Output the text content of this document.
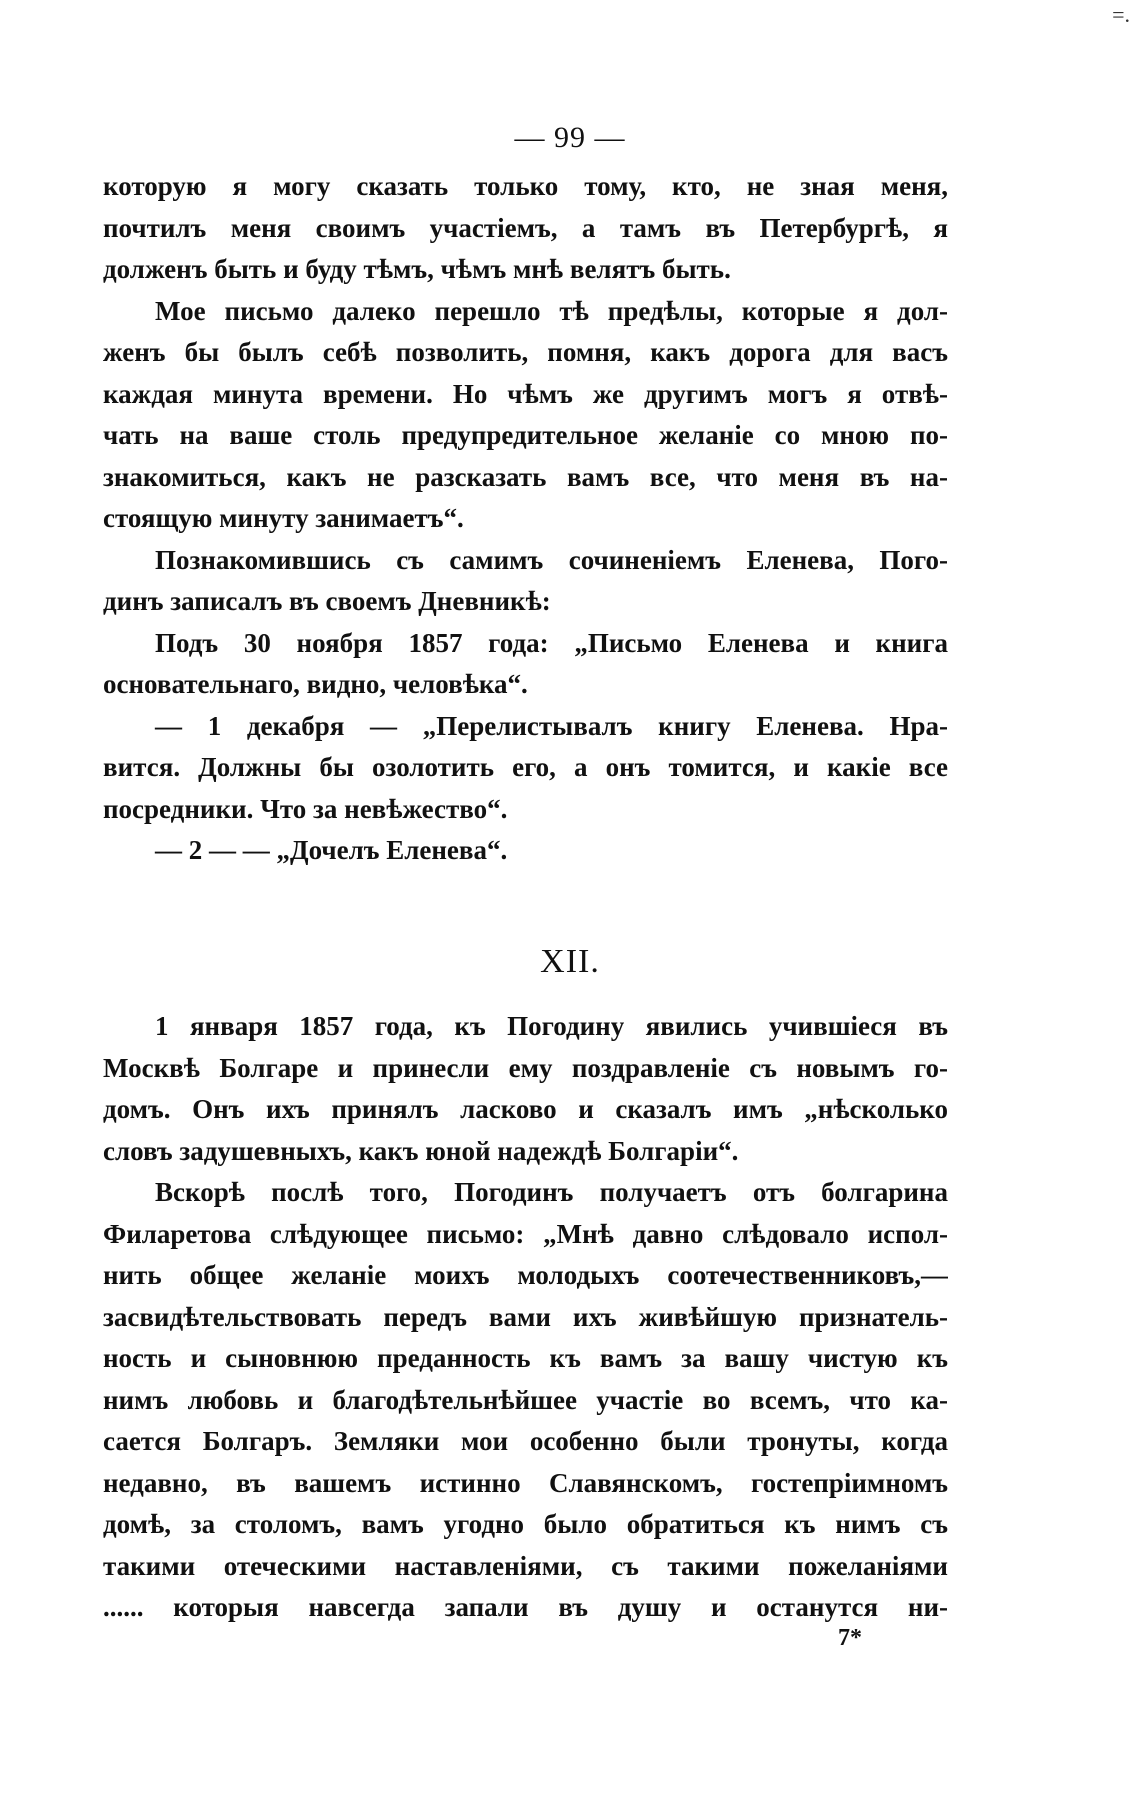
=.
— 99 —
которую я могу сказать только тому, кто, не зная меня,
почтилъ меня своимъ участіемъ, а тамъ въ Петербургѣ, я
долженъ быть и буду тѣмъ, чѣмъ мнѣ велятъ быть.
Мое письмо далеко перешло тѣ предѣлы, которые я дол-
женъ бы былъ себѣ позволить, помня, какъ дорога для васъ
каждая минута времени. Но чѣмъ же другимъ могъ я отвѣ-
чать на ваше столь предупредительное желаніе со мною по-
знакомиться, какъ не разсказать вамъ все, что меня въ на-
стоящую минуту занимаетъ“.
Познакомившись съ самимъ сочиненіемъ Еленева, Пого-
динъ записалъ въ своемъ Дневникѣ:
Подъ 30 ноября 1857 года: „Письмо Еленева и книга
основательнаго, видно, человѣка“.
— 1 декабря — „Перелистывалъ книгу Еленева. Нра-
вится. Должны бы озолотить его, а онъ томится, и какіе все
посредники. Что за невѣжество“.
— 2 — — „Дочелъ Еленева“.
XII.
1 января 1857 года, къ Погодину явились учившіеся въ
Москвѣ Болгаре и принесли ему поздравленіе съ новымъ го-
домъ. Онъ ихъ принялъ ласково и сказалъ имъ „нѣсколько
словъ задушевныхъ, какъ юной надеждѣ Болгаріи“.
Вскорѣ послѣ того, Погодинъ получаетъ отъ болгарина
Филаретова слѣдующее письмо: „Мнѣ давно слѣдовало испол-
нить общее желаніе моихъ молодыхъ соотечественниковъ,—
засвидѣтельствовать передъ вами ихъ живѣйшую признатель-
ность и сыновнюю преданность къ вамъ за вашу чистую къ
нимъ любовь и благодѣтельнѣйшее участіе во всемъ, что ка-
сается Болгаръ. Земляки мои особенно были тронуты, когда
недавно, въ вашемъ истинно Славянскомъ, гостепріимномъ
домѣ, за столомъ, вамъ угодно было обратиться къ нимъ съ
такими отеческими наставленіями, съ такими пожеланіями
...... которыя навсегда запали въ душу и останутся ни-
7*
